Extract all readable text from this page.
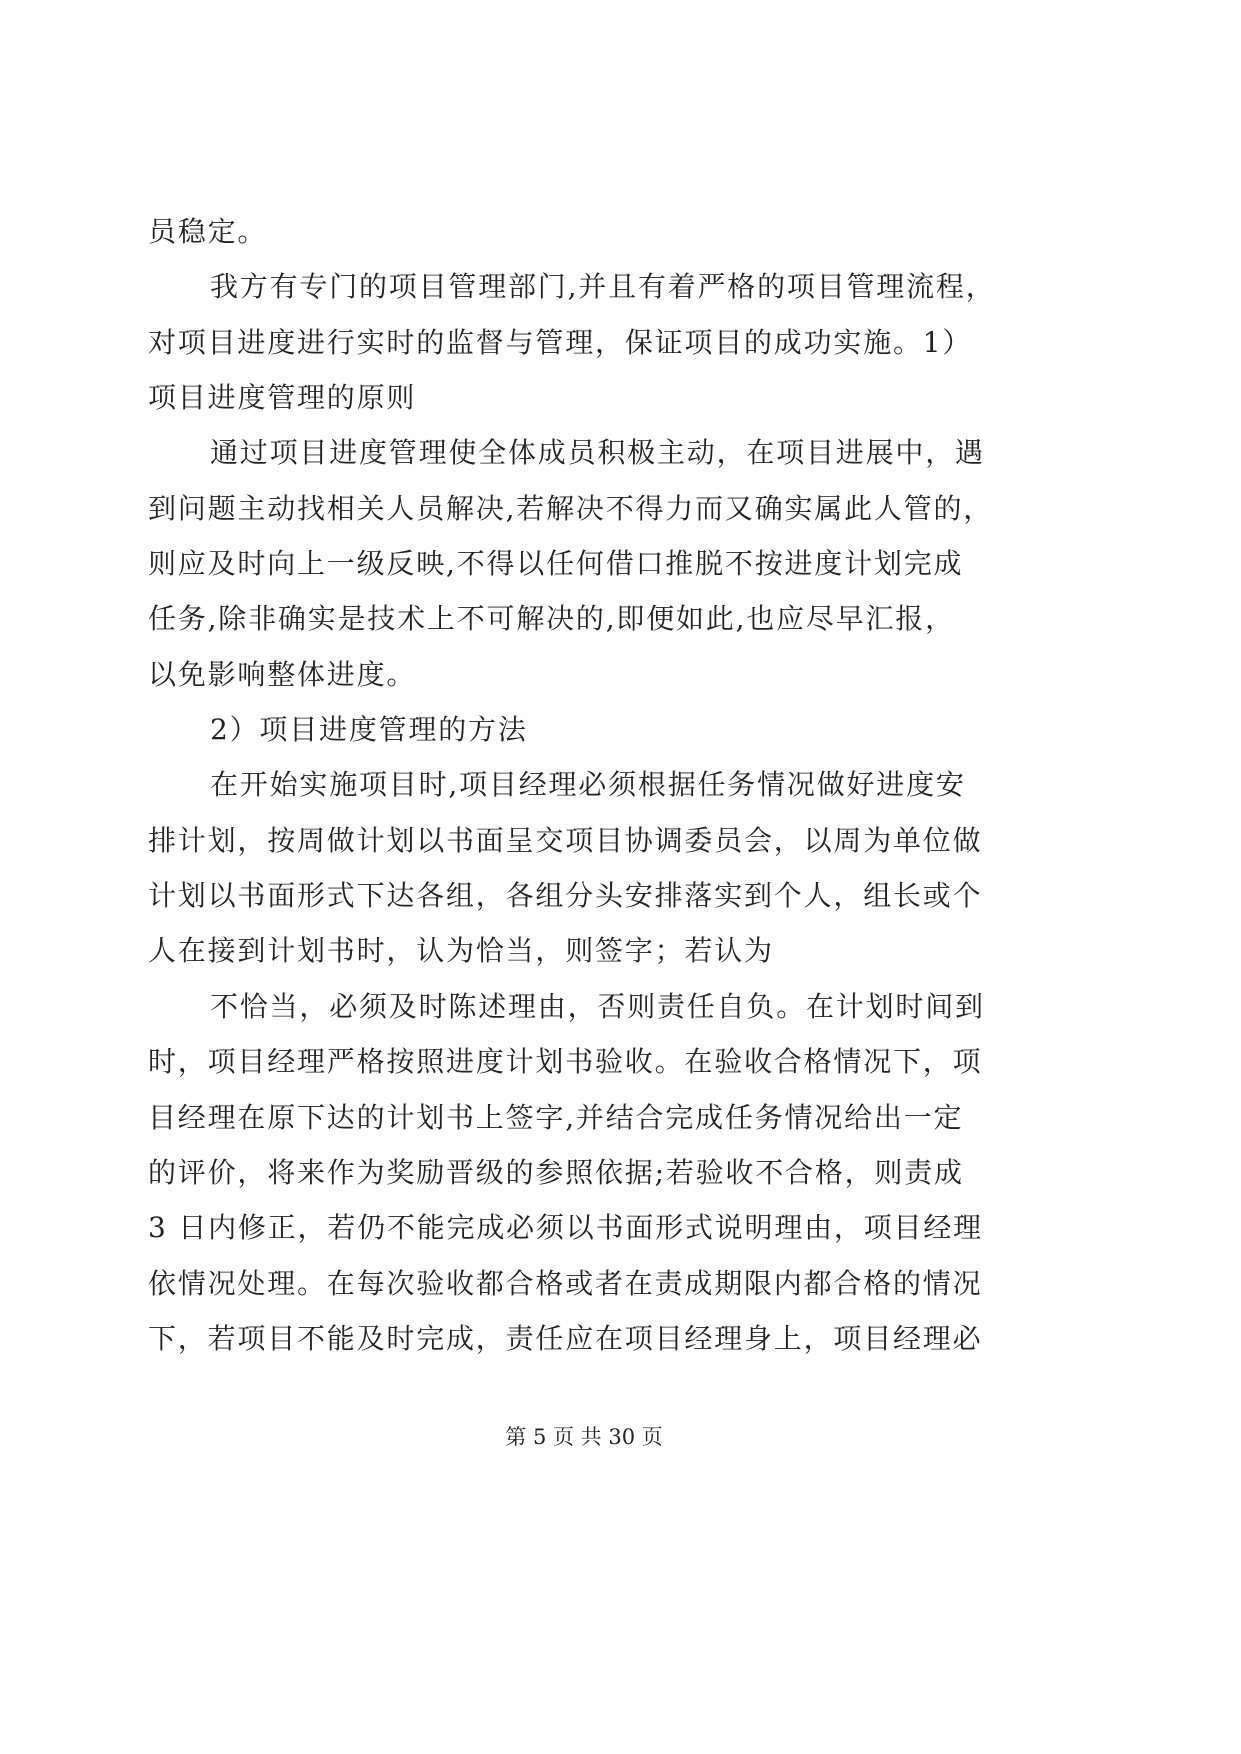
员稳定。
我方有专门的项目管理部门,并且有着严格的项目管理流程，
对项目进度进行实时的监督与管理，保证项目的成功实施。1）
项目进度管理的原则
通过项目进度管理使全体成员积极主动，在项目进展中，遇
到问题主动找相关人员解决,若解决不得力而又确实属此人管的，
则应及时向上一级反映,不得以任何借口推脱不按进度计划完成
任务,除非确实是技术上不可解决的,即便如此,也应尽早汇报，
以免影响整体进度。
2）项目进度管理的方法
在开始实施项目时,项目经理必须根据任务情况做好进度安
排计划，按周做计划以书面呈交项目协调委员会，以周为单位做
计划以书面形式下达各组，各组分头安排落实到个人，组长或个
人在接到计划书时，认为恰当，则签字；若认为
不恰当，必须及时陈述理由，否则责任自负。在计划时间到
时，项目经理严格按照进度计划书验收。在验收合格情况下，项
目经理在原下达的计划书上签字,并结合完成任务情况给出一定
的评价，将来作为奖励晋级的参照依据;若验收不合格，则责成
3 日内修正，若仍不能完成必须以书面形式说明理由，项目经理
依情况处理。在每次验收都合格或者在责成期限内都合格的情况
下，若项目不能及时完成，责任应在项目经理身上，项目经理必
第 5 页 共 30 页
